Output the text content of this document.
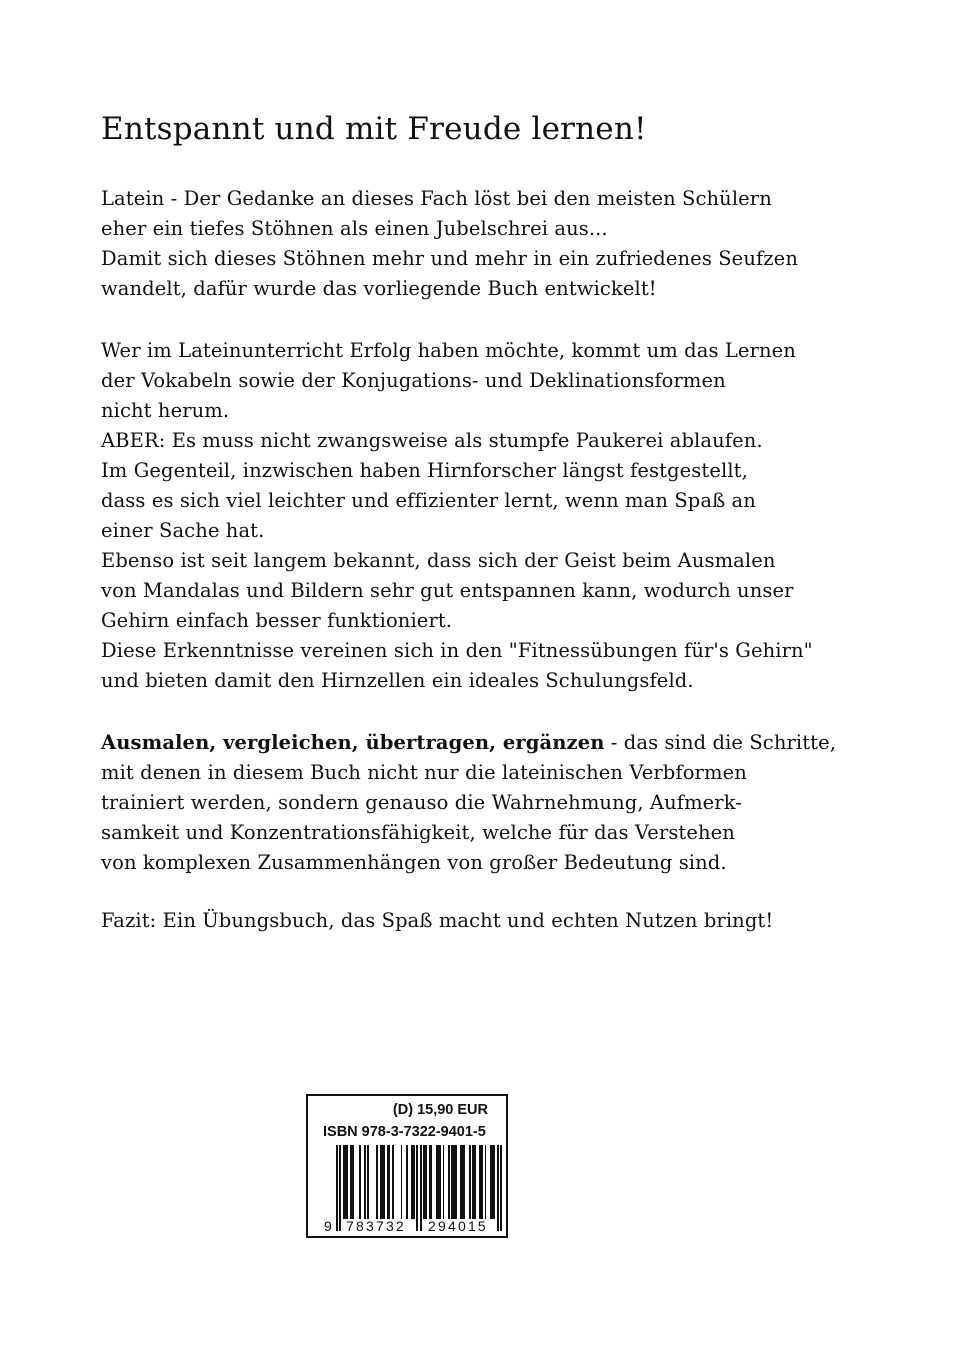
Entspannt und mit Freude lernen!
Latein - Der Gedanke an dieses Fach löst bei den meisten Schülern
eher ein tiefes Stöhnen als einen Jubelschrei aus...
Damit sich dieses Stöhnen mehr und mehr in ein zufriedenes Seufzen
wandelt, dafür wurde das vorliegende Buch entwickelt!
Wer im Lateinunterricht Erfolg haben möchte, kommt um das Lernen
der Vokabeln sowie der Konjugations- und Deklinationsformen
nicht herum.
ABER: Es muss nicht zwangsweise als stumpfe Paukerei ablaufen.
Im Gegenteil, inzwischen haben Hirnforscher längst festgestellt,
dass es sich viel leichter und effizienter lernt, wenn man Spaß an
einer Sache hat.
Ebenso ist seit langem bekannt, dass sich der Geist beim Ausmalen
von Mandalas und Bildern sehr gut entspannen kann, wodurch unser
Gehirn einfach besser funktioniert.
Diese Erkenntnisse vereinen sich in den "Fitnessübungen für's Gehirn"
und bieten damit den Hirnzellen ein ideales Schulungsfeld.
Ausmalen, vergleichen, übertragen, ergänzen - das sind die Schritte,
mit denen in diesem Buch nicht nur die lateinischen Verbformen
trainiert werden, sondern genauso die Wahrnehmung, Aufmerk-
samkeit und Konzentrationsfähigkeit, welche für das Verstehen
von komplexen Zusammenhängen von großer Bedeutung sind.
Fazit: Ein Übungsbuch, das Spaß macht und echten Nutzen bringt!
(D) 15,90 EUR
ISBN 978-3-7322-9401-5
9 783732 294015
